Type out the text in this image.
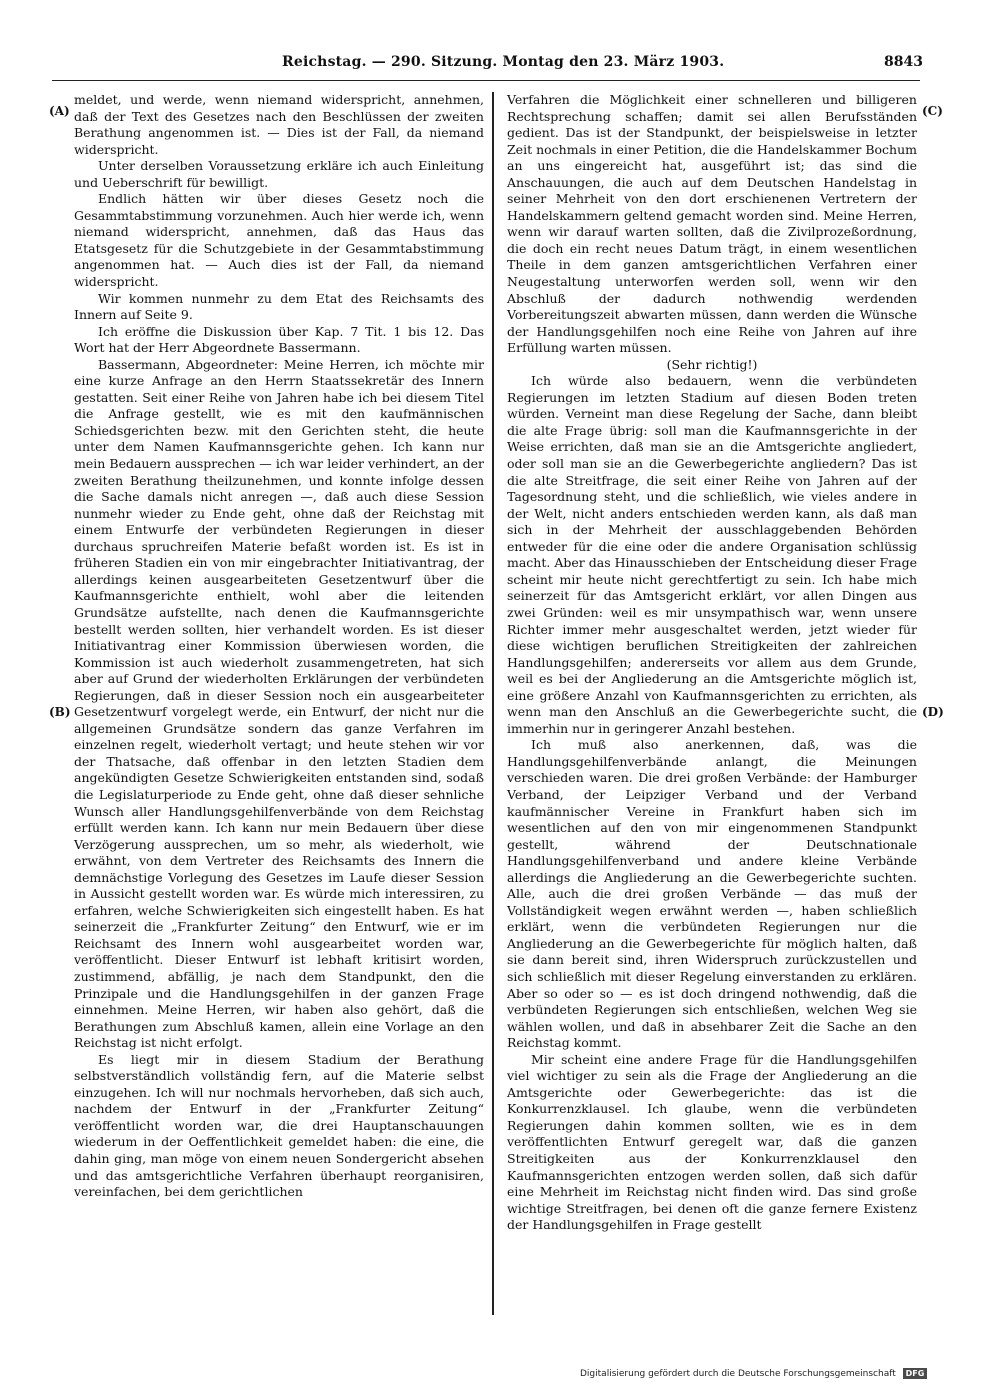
Reichstag. — 290. Sitzung. Montag den 23. März 1903.	8843
(A)
(B)
(C)
(D)

meldet, und werde, wenn niemand widerspricht, annehmen, daß der Text des Gesetzes nach den Beschlüssen der zweiten Berathung angenommen ist. — Dies ist der Fall, da niemand widerspricht.

Unter derselben Voraussetzung erkläre ich auch Einleitung und Ueberschrift für bewilligt.

Endlich hätten wir über dieses Gesetz noch die Gesammtabstimmung vorzunehmen. Auch hier werde ich, wenn niemand widerspricht, annehmen, daß das Haus das Etatsgesetz für die Schutzgebiete in der Gesammtabstimmung angenommen hat. — Auch dies ist der Fall, da niemand widerspricht.

Wir kommen nunmehr zu dem Etat des Reichsamts des Innern auf Seite 9.

Ich eröffne die Diskussion über Kap. 7 Tit. 1 bis 12. Das Wort hat der Herr Abgeordnete Bassermann.

Bassermann, Abgeordneter: Meine Herren, ich möchte mir eine kurze Anfrage an den Herrn Staatssekretär des Innern gestatten. Seit einer Reihe von Jahren habe ich bei diesem Titel die Anfrage gestellt, wie es mit den kaufmännischen Schiedsgerichten bezw. mit den Gerichten steht, die heute unter dem Namen Kaufmannsgerichte gehen. Ich kann nur mein Bedauern aussprechen — ich war leider verhindert, an der zweiten Berathung theilzunehmen, und konnte infolge dessen die Sache damals nicht anregen —, daß auch diese Session nunmehr wieder zu Ende geht, ohne daß der Reichstag mit einem Entwurfe der verbündeten Regierungen in dieser durchaus spruchreifen Materie befaßt worden ist. Es ist in früheren Stadien ein von mir eingebrachter Initiativantrag, der allerdings keinen ausgearbeiteten Gesetzentwurf über die Kaufmannsgerichte enthielt, wohl aber die leitenden Grundsätze aufstellte, nach denen die Kaufmannsgerichte bestellt werden sollten, hier verhandelt worden. Es ist dieser Initiativantrag einer Kommission überwiesen worden, die Kommission ist auch wiederholt zusammengetreten, hat sich aber auf Grund der wiederholten Erklärungen der verbündeten Regierungen, daß in dieser Session noch ein ausgearbeiteter Gesetzentwurf vorgelegt werde, ein Entwurf, der nicht nur die allgemeinen Grundsätze sondern das ganze Verfahren im einzelnen regelt, wiederholt vertagt; und heute stehen wir vor der Thatsache, daß offenbar in den letzten Stadien dem angekündigten Gesetze Schwierigkeiten entstanden sind, sodaß die Legislaturperiode zu Ende geht, ohne daß dieser sehnliche Wunsch aller Handlungsgehilfenverbände von dem Reichstag erfüllt werden kann. Ich kann nur mein Bedauern über diese Verzögerung aussprechen, um so mehr, als wiederholt, wie erwähnt, von dem Vertreter des Reichsamts des Innern die demnächstige Vorlegung des Gesetzes im Laufe dieser Session in Aussicht gestellt worden war. Es würde mich interessiren, zu erfahren, welche Schwierigkeiten sich eingestellt haben. Es hat seinerzeit die „Frankfurter Zeitung“ den Entwurf, wie er im Reichsamt des Innern wohl ausgearbeitet worden war, veröffentlicht. Dieser Entwurf ist lebhaft kritisirt worden, zustimmend, abfällig, je nach dem Standpunkt, den die Prinzipale und die Handlungsgehilfen in der ganzen Frage einnehmen. Meine Herren, wir haben also gehört, daß die Berathungen zum Abschluß kamen, allein eine Vorlage an den Reichstag ist nicht erfolgt.

Es liegt mir in diesem Stadium der Berathung selbstverständlich vollständig fern, auf die Materie selbst einzugehen. Ich will nur nochmals hervorheben, daß sich auch, nachdem der Entwurf in der „Frankfurter Zeitung“ veröffentlicht worden war, die drei Hauptanschauungen wiederum in der Oeffentlichkeit gemeldet haben: die eine, die dahin ging, man möge von einem neuen Sondergericht absehen und das amtsgerichtliche Verfahren überhaupt reorganisiren, vereinfachen, bei dem gerichtlichen

Verfahren die Möglichkeit einer schnelleren und billigeren Rechtsprechung schaffen; damit sei allen Berufsständen gedient. Das ist der Standpunkt, der beispielsweise in letzter Zeit nochmals in einer Petition, die die Handelskammer Bochum an uns eingereicht hat, ausgeführt ist; das sind die Anschauungen, die auch auf dem Deutschen Handelstag in seiner Mehrheit von den dort erschienenen Vertretern der Handelskammern geltend gemacht worden sind. Meine Herren, wenn wir darauf warten sollten, daß die Zivilprozeßordnung, die doch ein recht neues Datum trägt, in einem wesentlichen Theile in dem ganzen amtsgerichtlichen Verfahren einer Neugestaltung unterworfen werden soll, wenn wir den Abschluß der dadurch nothwendig werdenden Vorbereitungszeit abwarten müssen, dann werden die Wünsche der Handlungsgehilfen noch eine Reihe von Jahren auf ihre Erfüllung warten müssen.

(Sehr richtig!)

Ich würde also bedauern, wenn die verbündeten Regierungen im letzten Stadium auf diesen Boden treten würden. Verneint man diese Regelung der Sache, dann bleibt die alte Frage übrig: soll man die Kaufmannsgerichte in der Weise errichten, daß man sie an die Amtsgerichte angliedert, oder soll man sie an die Gewerbegerichte angliedern? Das ist die alte Streitfrage, die seit einer Reihe von Jahren auf der Tagesordnung steht, und die schließlich, wie vieles andere in der Welt, nicht anders entschieden werden kann, als daß man sich in der Mehrheit der ausschlaggebenden Behörden entweder für die eine oder die andere Organisation schlüssig macht. Aber das Hinausschieben der Entscheidung dieser Frage scheint mir heute nicht gerechtfertigt zu sein. Ich habe mich seinerzeit für das Amtsgericht erklärt, vor allen Dingen aus zwei Gründen: weil es mir unsympathisch war, wenn unsere Richter immer mehr ausgeschaltet werden, jetzt wieder für diese wichtigen beruflichen Streitigkeiten der zahlreichen Handlungsgehilfen; andererseits vor allem aus dem Grunde, weil es bei der Angliederung an die Amtsgerichte möglich ist, eine größere Anzahl von Kaufmannsgerichten zu errichten, als wenn man den Anschluß an die Gewerbegerichte sucht, die immerhin nur in geringerer Anzahl bestehen.

Ich muß also anerkennen, daß, was die Handlungsgehilfenverbände anlangt, die Meinungen verschieden waren. Die drei großen Verbände: der Hamburger Verband, der Leipziger Verband und der Verband kaufmännischer Vereine in Frankfurt haben sich im wesentlichen auf den von mir eingenommenen Standpunkt gestellt, während der Deutschnationale Handlungsgehilfenverband und andere kleine Verbände allerdings die Angliederung an die Gewerbegerichte suchten. Alle, auch die drei großen Verbände — das muß der Vollständigkeit wegen erwähnt werden —, haben schließlich erklärt, wenn die verbündeten Regierungen nur die Angliederung an die Gewerbegerichte für möglich halten, daß sie dann bereit sind, ihren Widerspruch zurückzustellen und sich schließlich mit dieser Regelung einverstanden zu erklären. Aber so oder so — es ist doch dringend nothwendig, daß die verbündeten Regierungen sich entschließen, welchen Weg sie wählen wollen, und daß in absehbarer Zeit die Sache an den Reichstag kommt.

Mir scheint eine andere Frage für die Handlungsgehilfen viel wichtiger zu sein als die Frage der Angliederung an die Amtsgerichte oder Gewerbegerichte: das ist die Konkurrenzklausel. Ich glaube, wenn die verbündeten Regierungen dahin kommen sollten, wie es in dem veröffentlichten Entwurf geregelt war, daß die ganzen Streitigkeiten aus der Konkurrenzklausel den Kaufmannsgerichten entzogen werden sollen, daß sich dafür eine Mehrheit im Reichstag nicht finden wird. Das sind große wichtige Streitfragen, bei denen oft die ganze fernere Existenz der Handlungsgehilfen in Frage gestellt

Digitalisierung gefördert durch die Deutsche Forschungsgemeinschaft DFG
